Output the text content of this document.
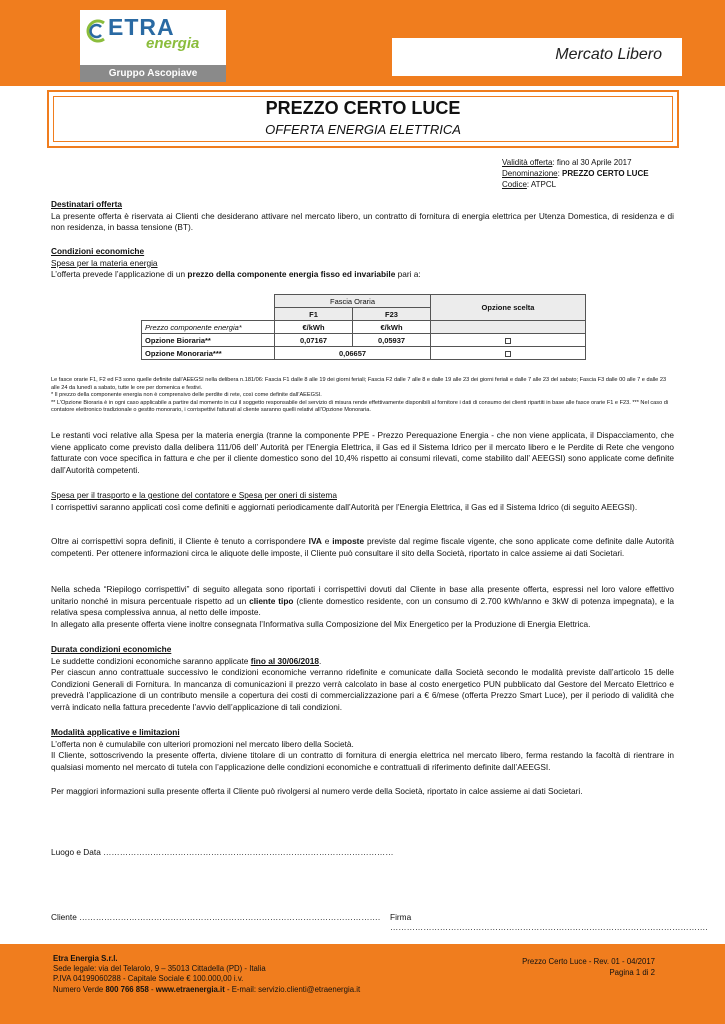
ETRA
energia
Gruppo Ascopiave
Mercato Libero
PREZZO CERTO LUCE
OFFERTA ENERGIA ELETTRICA
Validità offerta: fino al 30 Aprile 2017
Denominazione: PREZZO CERTO LUCE
Codice: ATPCL
Destinatari offerta
La presente offerta è riservata ai Clienti che desiderano attivare nel mercato libero, un contratto di fornitura di energia elettrica per Utenza Domestica, di residenza e di non residenza, in bassa tensione (BT).
Condizioni economiche
Spesa per la materia energia
L’offerta prevede l’applicazione di un prezzo della componente energia fisso ed invariabile pari a:
	Fascia Oraria		Opzione scelta
	F1	F23	
Prezzo componente energia*	€/kWh	€/kWh	
Opzione Bioraria**	0,07167	0,05937	
Opzione Monoraria***	0,06657		
Le fasce orarie F1, F2 ed F3 sono quelle definite dall’AEEGSI nella delibera n.181/06: Fascia F1 dalle 8 alle 19 dei giorni feriali; Fascia F2 dalle 7 alle 8 e dalle 19 alle 23 dei giorni feriali e dalle 7 alle 23 del sabato; Fascia F3 dalle 00 alle 7 e dalle 23 alle 24 da lunedì a sabato, tutte le ore per domenica e festivi.
* Il prezzo della componente energia non è comprensivo delle perdite di rete, così come definite dall’AEEGSI.
** L’Opzione Bioraria è in ogni caso applicabile a partire dal momento in cui il soggetto responsabile del servizio di misura rende effettivamente disponibili al fornitore i dati di consumo dei clienti ripartiti in base alle fasce orarie F1 e F23. *** Nel caso di contatore elettronico tradizionale o gestito monorario, i corrispettivi fatturati al cliente saranno quelli relativi all’Opzione Monoraria.
Le restanti voci relative alla Spesa per la materia energia (tranne la componente PPE - Prezzo Perequazione Energia - che non viene applicata, il Dispacciamento, che viene applicato come previsto dalla delibera 111/06 dell’ Autorità per l’Energia Elettrica, il Gas ed il Sistema Idrico per il mercato libero e le Perdite di Rete che vengono fatturate con voce specifica in fattura e che per il cliente domestico sono del 10,4% rispetto ai consumi rilevati, come stabilito dall’ AEEGSI) sono applicate come definite dall’Autorità competenti.
Spesa per il trasporto e la gestione del contatore e Spesa per oneri di sistema
I corrispettivi saranno applicati così come definiti e aggiornati periodicamente dall’Autorità per l’Energia Elettrica, il Gas ed il Sistema Idrico (di seguito AEEGSI).
Oltre ai corrispettivi sopra definiti, il Cliente è tenuto a corrispondere IVA e imposte previste dal regime fiscale vigente, che sono applicate come definite dalle Autorità competenti. Per ottenere informazioni circa le aliquote delle imposte, il Cliente può consultare il sito della Società, riportato in calce assieme ai dati Societari.
Nella scheda “Riepilogo corrispettivi” di seguito allegata sono riportati i corrispettivi dovuti dal Cliente in base alla presente offerta, espressi nel loro valore effettivo unitario nonché in misura percentuale rispetto ad un cliente tipo (cliente domestico residente, con un consumo di 2.700 kWh/anno e 3kW di potenza impegnata), e la relativa spesa complessiva annua, al netto delle imposte.
In allegato alla presente offerta viene inoltre consegnata l’Informativa sulla Composizione del Mix Energetico per la Produzione di Energia Elettrica.
Durata condizioni economiche
Le suddette condizioni economiche saranno applicate fino al 30/06/2018.
Per ciascun anno contrattuale successivo le condizioni economiche verranno ridefinite e comunicate dalla Società secondo le modalità previste dall’articolo 15 delle Condizioni Generali di Fornitura. In mancanza di comunicazioni il prezzo verrà calcolato in base al costo energetico PUN pubblicato dal Gestore del Mercato Elettrico e prevedrà l’applicazione di un contributo mensile a copertura dei costi di commercializzazione pari a € 6/mese (offerta Prezzo Smart Luce), per il periodo di validità che verrà indicato nella fattura precedente l’avvio dell’applicazione di tali condizioni.
Modalità applicative e limitazioni
L’offerta non è cumulabile con ulteriori promozioni nel mercato libero della Società.
Il Cliente, sottoscrivendo la presente offerta, diviene titolare di un contratto di fornitura di energia elettrica nel mercato libero, ferma restando la facoltà di rientrare in qualsiasi momento nel mercato di tutela con l’applicazione delle condizioni economiche e contrattuali di riferimento definite dall’AEEGSI.
Per maggiori informazioni sulla presente offerta il Cliente può rivolgersi al numero verde della Società, riportato in calce assieme ai dati Societari.
Luogo e Data ……………………………………………………………………………………………
Cliente ………………………………………………………………………………………………. Firma …………………………………………………………………………………………………….
Etra Energia S.r.l.
Sede legale: via del Telarolo, 9 – 35013 Cittadella (PD) - Italia
P.IVA 04199060288 - Capitale Sociale € 100.000,00 i.v.
Numero Verde 800 766 858 - www.etraenergia.it - E-mail: servizio.clienti@etraenergia.it
Prezzo Certo Luce - Rev. 01 - 04/2017
Pagina 1 di 2
